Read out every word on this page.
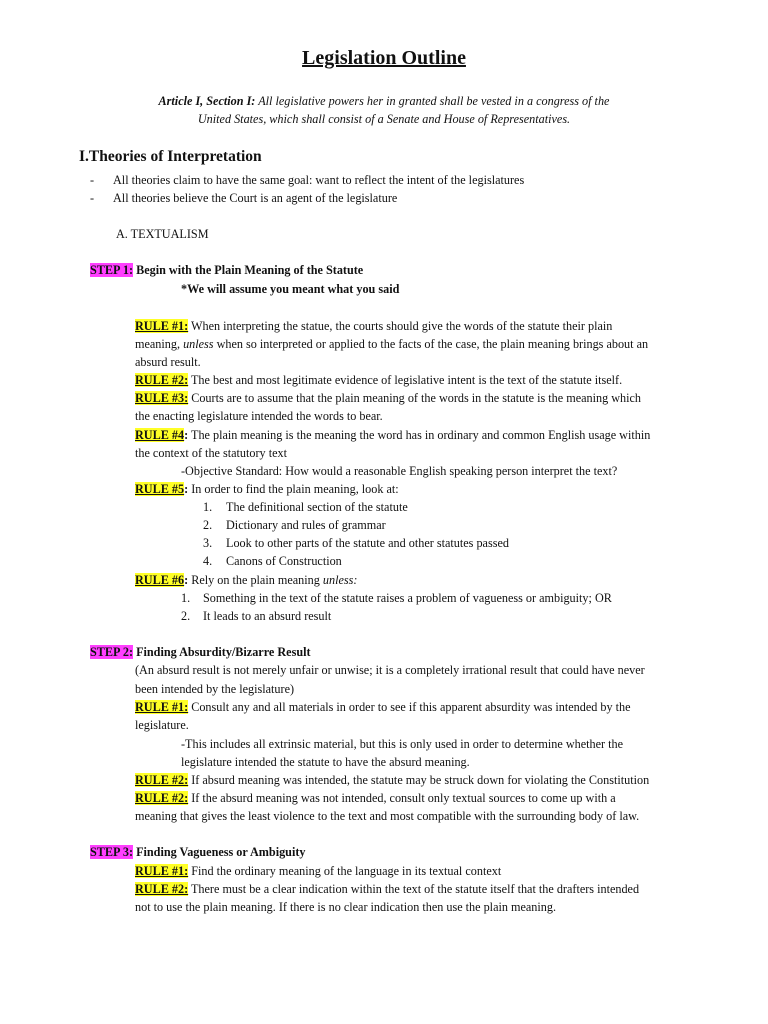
Legislation Outline
Article I, Section I: All legislative powers her in granted shall be vested in a congress of the
United States, which shall consist of a Senate and House of Representatives.
I.Theories of Interpretation
- All theories claim to have the same goal: want to reflect the intent of the legislatures
- All theories believe the Court is an agent of the legislature
A. TEXTUALISM
STEP 1: Begin with the Plain Meaning of the Statute
*We will assume you meant what you said
RULE #1: When interpreting the statue, the courts should give the words of the statute their plain
meaning, unless when so interpreted or applied to the facts of the case, the plain meaning brings about an
absurd result.
RULE #2: The best and most legitimate evidence of legislative intent is the text of the statute itself.
RULE #3: Courts are to assume that the plain meaning of the words in the statute is the meaning which
the enacting legislature intended the words to bear.
RULE #4: The plain meaning is the meaning the word has in ordinary and common English usage within
the context of the statutory text
-Objective Standard: How would a reasonable English speaking person interpret the text?
RULE #5: In order to find the plain meaning, look at:
1. The definitional section of the statute
2. Dictionary and rules of grammar
3. Look to other parts of the statute and other statutes passed
4. Canons of Construction
RULE #6: Rely on the plain meaning unless:
1. Something in the text of the statute raises a problem of vagueness or ambiguity; OR
2. It leads to an absurd result
STEP 2: Finding Absurdity/Bizarre Result
(An absurd result is not merely unfair or unwise; it is a completely irrational result that could have never
been intended by the legislature)
RULE #1: Consult any and all materials in order to see if this apparent absurdity was intended by the
legislature.
-This includes all extrinsic material, but this is only used in order to determine whether the
legislature intended the statute to have the absurd meaning.
RULE #2: If absurd meaning was intended, the statute may be struck down for violating the Constitution
RULE #2: If the absurd meaning was not intended, consult only textual sources to come up with a
meaning that gives the least violence to the text and most compatible with the surrounding body of law.
STEP 3: Finding Vagueness or Ambiguity
RULE #1: Find the ordinary meaning of the language in its textual context
RULE #2: There must be a clear indication within the text of the statute itself that the drafters intended
not to use the plain meaning. If there is no clear indication then use the plain meaning.
